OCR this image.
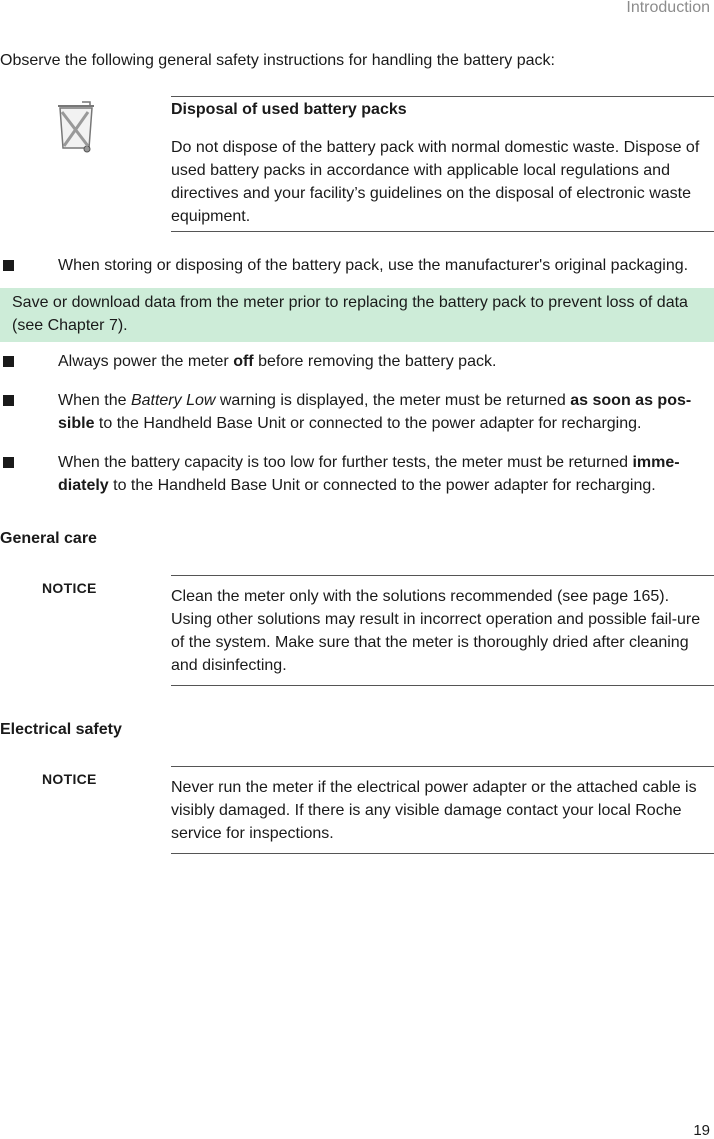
Introduction
Observe the following general safety instructions for handling the battery pack:
Disposal of used battery packs
Do not dispose of the battery pack with normal domestic waste. Dispose of used battery packs in accordance with applicable local regulations and directives and your facility’s guidelines on the disposal of electronic waste equipment.
When storing or disposing of the battery pack, use the manufacturer's original packaging.
Save or download data from the meter prior to replacing the battery pack to prevent loss of data (see Chapter 7).
Always power the meter off before removing the battery pack.
When the Battery Low warning is displayed, the meter must be returned as soon as pos-
sible to the Handheld Base Unit or connected to the power adapter for recharging.
When the battery capacity is too low for further tests, the meter must be returned imme-
diately to the Handheld Base Unit or connected to the power adapter for recharging.
General care
NOTICE	Clean the meter only with the solutions recommended (see page 165). Using other solutions may result in incorrect operation and possible fail-ure of the system. Make sure that the meter is thoroughly dried after cleaning and disinfecting.
Electrical safety
NOTICE	Never run the meter if the electrical power adapter or the attached cable is visibly damaged. If there is any visible damage contact your local Roche service for inspections.
19
